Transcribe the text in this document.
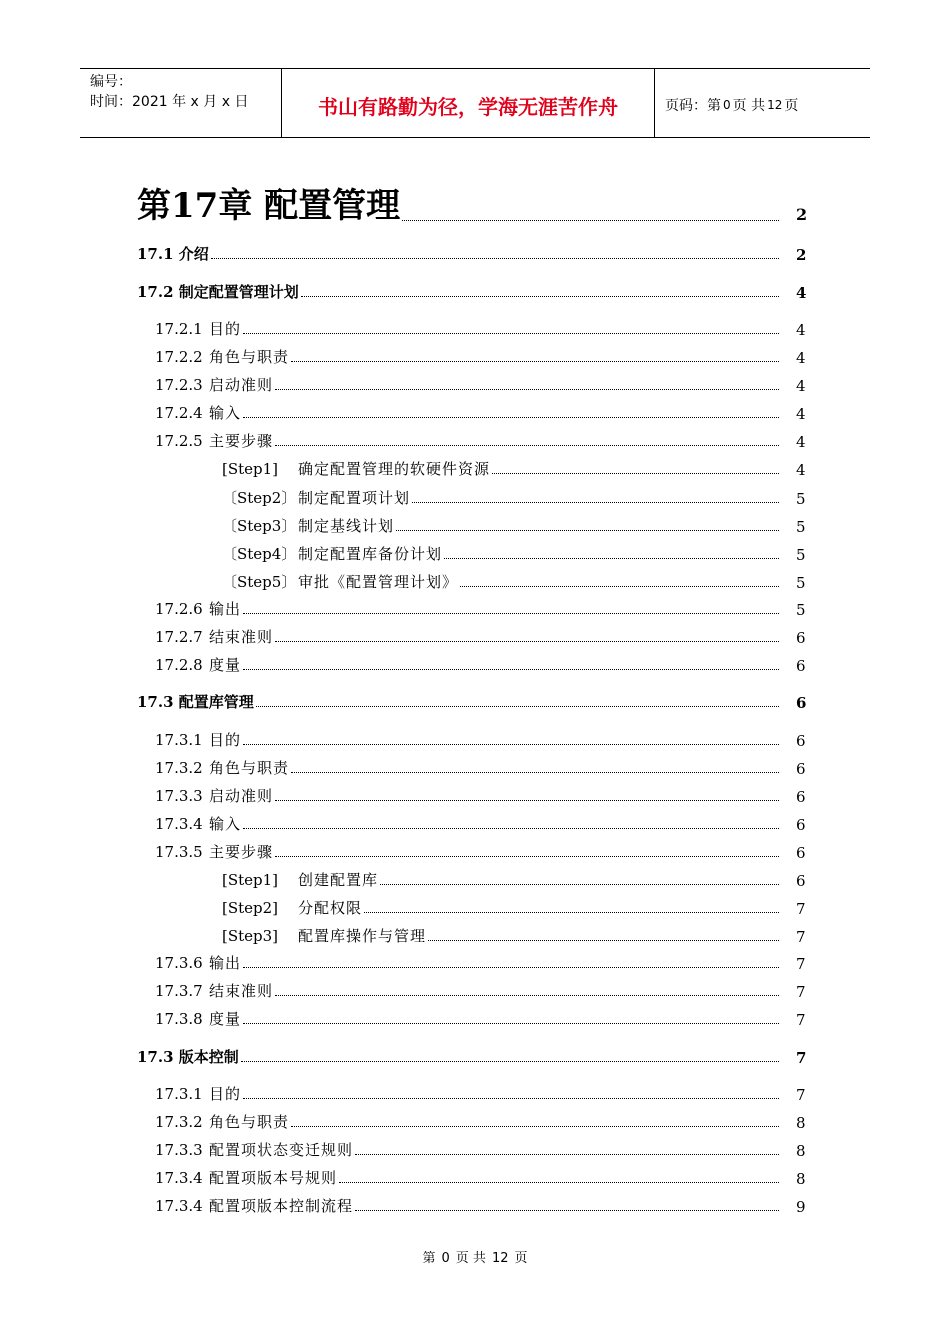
编号：
时间：2021 年 x 月 x 日	书山有路勤为径，学海无涯苦作舟	页码：第 0 页 共 12 页
第17章 配置管理	2
17.1 介绍	2
17.2 制定配置管理计划	4
17.2.1 目的	4
17.2.2 角色与职责	4
17.2.3 启动准则	4
17.2.4 输入	4
17.2.5 主要步骤	4
[Step1] 确定配置管理的软硬件资源	4
〔Step2〕 制定配置项计划	5
〔Step3〕 制定基线计划	5
〔Step4〕 制定配置库备份计划	5
〔Step5〕 审批《配置管理计划》	5
17.2.6 输出	5
17.2.7 结束准则	6
17.2.8 度量	6
17.3 配置库管理	6
17.3.1 目的	6
17.3.2 角色与职责	6
17.3.3 启动准则	6
17.3.4 输入	6
17.3.5 主要步骤	6
[Step1] 创建配置库	6
[Step2] 分配权限	7
[Step3] 配置库操作与管理	7
17.3.6 输出	7
17.3.7 结束准则	7
17.3.8 度量	7
17.3 版本控制	7
17.3.1 目的	7
17.3.2 角色与职责	8
17.3.3 配置项状态变迁规则	8
17.3.4 配置项版本号规则	8
17.3.4 配置项版本控制流程	9
第 0 页 共 12 页
